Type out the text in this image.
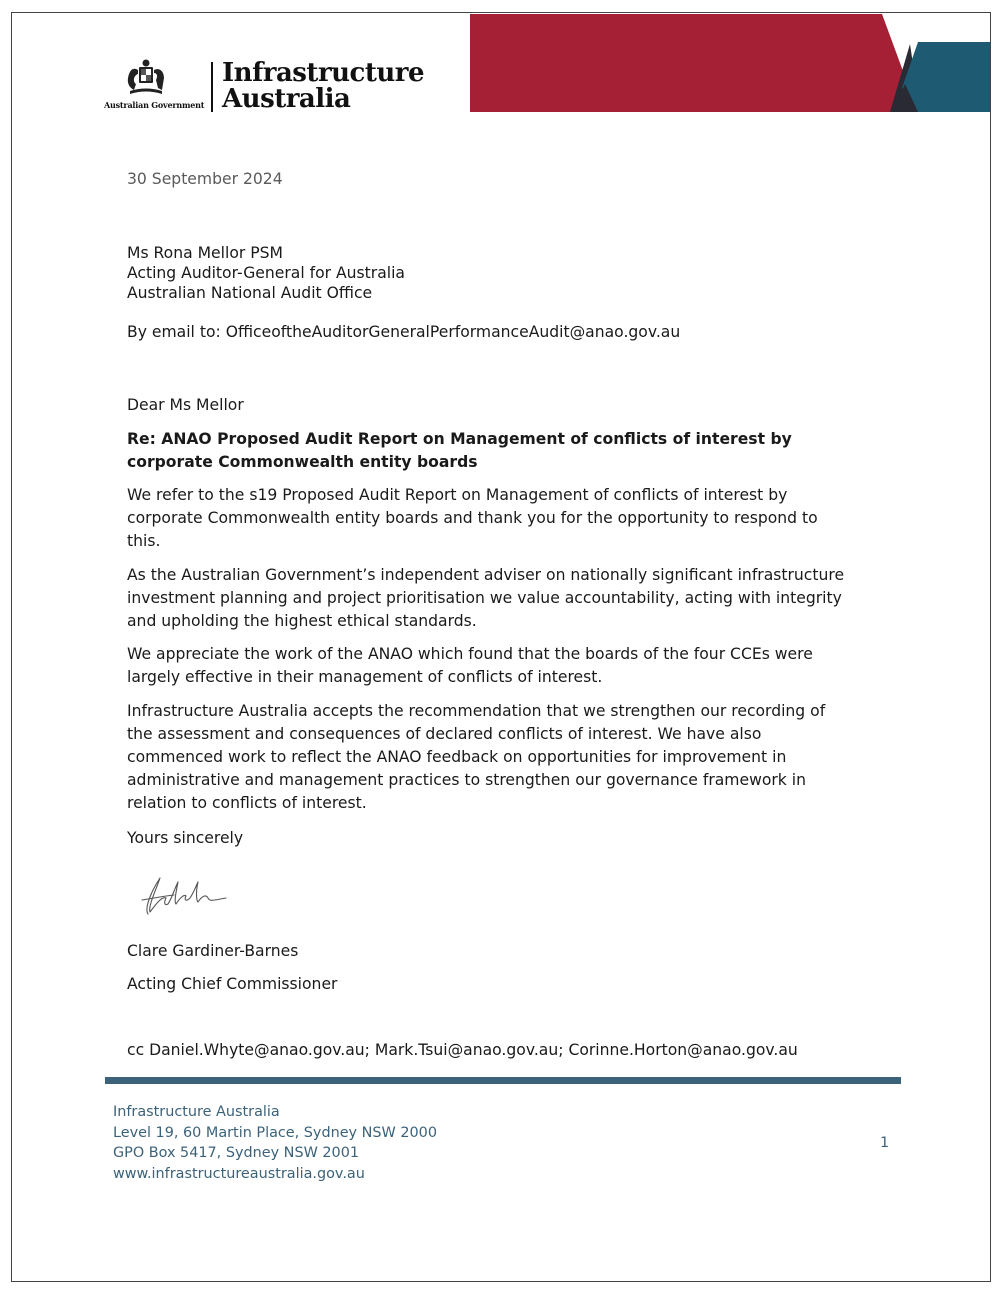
Australian Government
Infrastructure
Australia
30 September 2024
Ms Rona Mellor PSM
Acting Auditor-General for Australia
Australian National Audit Office
By email to: OfficeoftheAuditorGeneralPerformanceAudit@anao.gov.au
Dear Ms Mellor
Re: ANAO Proposed Audit Report on Management of conflicts of interest by
corporate Commonwealth entity boards
We refer to the s19 Proposed Audit Report on Management of conflicts of interest by
corporate Commonwealth entity boards and thank you for the opportunity to respond to
this.
As the Australian Government’s independent adviser on nationally significant infrastructure
investment planning and project prioritisation we value accountability, acting with integrity
and upholding the highest ethical standards.
We appreciate the work of the ANAO which found that the boards of the four CCEs were
largely effective in their management of conflicts of interest.
Infrastructure Australia accepts the recommendation that we strengthen our recording of
the assessment and consequences of declared conflicts of interest. We have also
commenced work to reflect the ANAO feedback on opportunities for improvement in
administrative and management practices to strengthen our governance framework in
relation to conflicts of interest.
Yours sincerely
Clare Gardiner-Barnes
Acting Chief Commissioner
cc Daniel.Whyte@anao.gov.au; Mark.Tsui@anao.gov.au; Corinne.Horton@anao.gov.au
Infrastructure Australia
Level 19, 60 Martin Place, Sydney NSW 2000
GPO Box 5417, Sydney NSW 2001
www.infrastructureaustralia.gov.au
1
